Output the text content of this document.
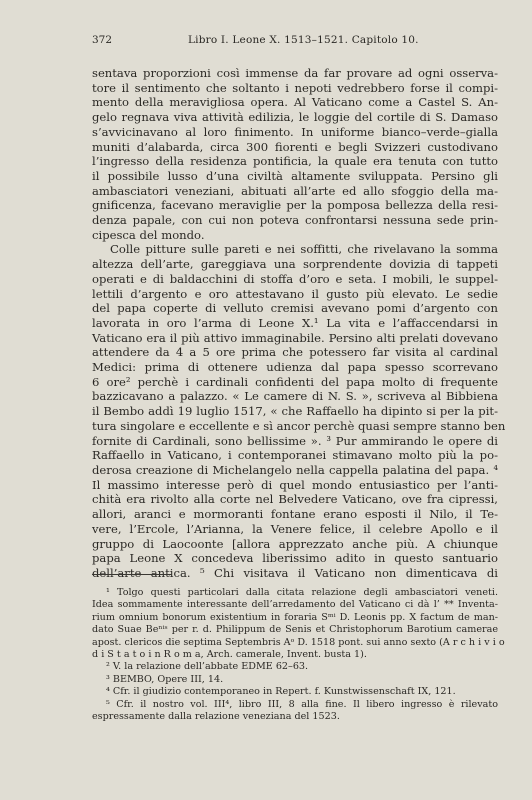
372	Libro I. Leone X. 1513–1521. Capitolo 10.
sentava proporzioni così immense da far provare ad ogni osserva-
tore il sentimento che soltanto i nepoti vedrebbero forse il compi-
mento della meravigliosa opera. Al Vaticano come a Castel S. An-
gelo regnava viva attività edilizia, le loggie del cortile di S. Damaso
s’avvicinavano al loro finimento. In uniforme bianco–verde–gialla
muniti d’alabarda, circa 300 fiorenti e begli Svizzeri custodivano
l’ingresso della residenza pontificia, la quale era tenuta con tutto
il possibile lusso d’una civiltà altamente sviluppata. Persino gli
ambasciatori veneziani, abituati all’arte ed allo sfoggio della ma-
gnificenza, facevano meraviglie per la pomposa bellezza della resi-
denza papale, con cui non poteva confrontarsi nessuna sede prin-
cipesca del mondo.
Colle pitture sulle pareti e nei soffitti, che rivelavano la somma
altezza dell’arte, gareggiava una sorprendente dovizia di tappeti
operati e di baldacchini di stoffa d’oro e seta. I mobili, le suppel-
lettili d’argento e oro attestavano il gusto più elevato. Le sedie
del papa coperte di velluto cremisi avevano pomi d’argento con
lavorata in oro l’arma di Leone X.¹ La vita e l’affaccendarsi in
Vaticano era il più attivo immaginabile. Persino alti prelati dovevano
attendere da 4 a 5 ore prima che potessero far visita al cardinal
Medici: prima di ottenere udienza dal papa spesso scorrevano
6 ore² perchè i cardinali confidenti del papa molto di frequente
bazzicavano a palazzo. « Le camere di N. S. », scriveva al Bibbiena
il Bembo addì 19 luglio 1517, « che Raffaello ha dipinto si per la pit-
tura singolare e eccellente e sì ancor perchè quasi sempre stanno ben
fornite di Cardinali, sono bellissime ». ³ Pur ammirando le opere di
Raffaello in Vaticano, i contemporanei stimavano molto più la po-
derosa creazione di Michelangelo nella cappella palatina del papa. ⁴
Il massimo interesse però di quel mondo entusiastico per l’anti-
chità era rivolto alla corte nel Belvedere Vaticano, ove fra cipressi,
allori, aranci e mormoranti fontane erano esposti il Nilo, il Te-
vere, l’Ercole, l’Arianna, la Venere felice, il celebre Apollo e il
gruppo di Laocoonte [allora apprezzato anche più. A chiunque
papa Leone X concedeva liberissimo adito in questo santuario
dell’arte antica. ⁵ Chi visitava il Vaticano non dimenticava di
¹ Tolgo questi particolari dalla citata relazione degli ambasciatori veneti.
Idea sommamente interessante dell’arredamento del Vaticano ci dà l’ ** Inventa-
rium omnium bonorum existentium in foraria Sᵐⁱ D. Leonis pp. X factum de man-
dato Suae Beⁿⁱˢ per r. d. Philippum de Senis et Christophorum Barotium camerae
apost. clericos die septima Septembris Aᵒ D. 1518 pont. sui anno sexto (A r c h i v i o
d i S t a t o i n R o m a, Arch. camerale, Invent. busta 1).
² V. la relazione dell’abbate EDME 62–63.
³ BEMBO, Opere III, 14.
⁴ Cfr. il giudizio contemporaneo in Repert. f. Kunstwissenschaft IX, 121.
⁵ Cfr. il nostro vol. III⁴, libro III, 8 alla fine. Il libero ingresso è rilevato
espressamente dalla relazione veneziana del 1523.
